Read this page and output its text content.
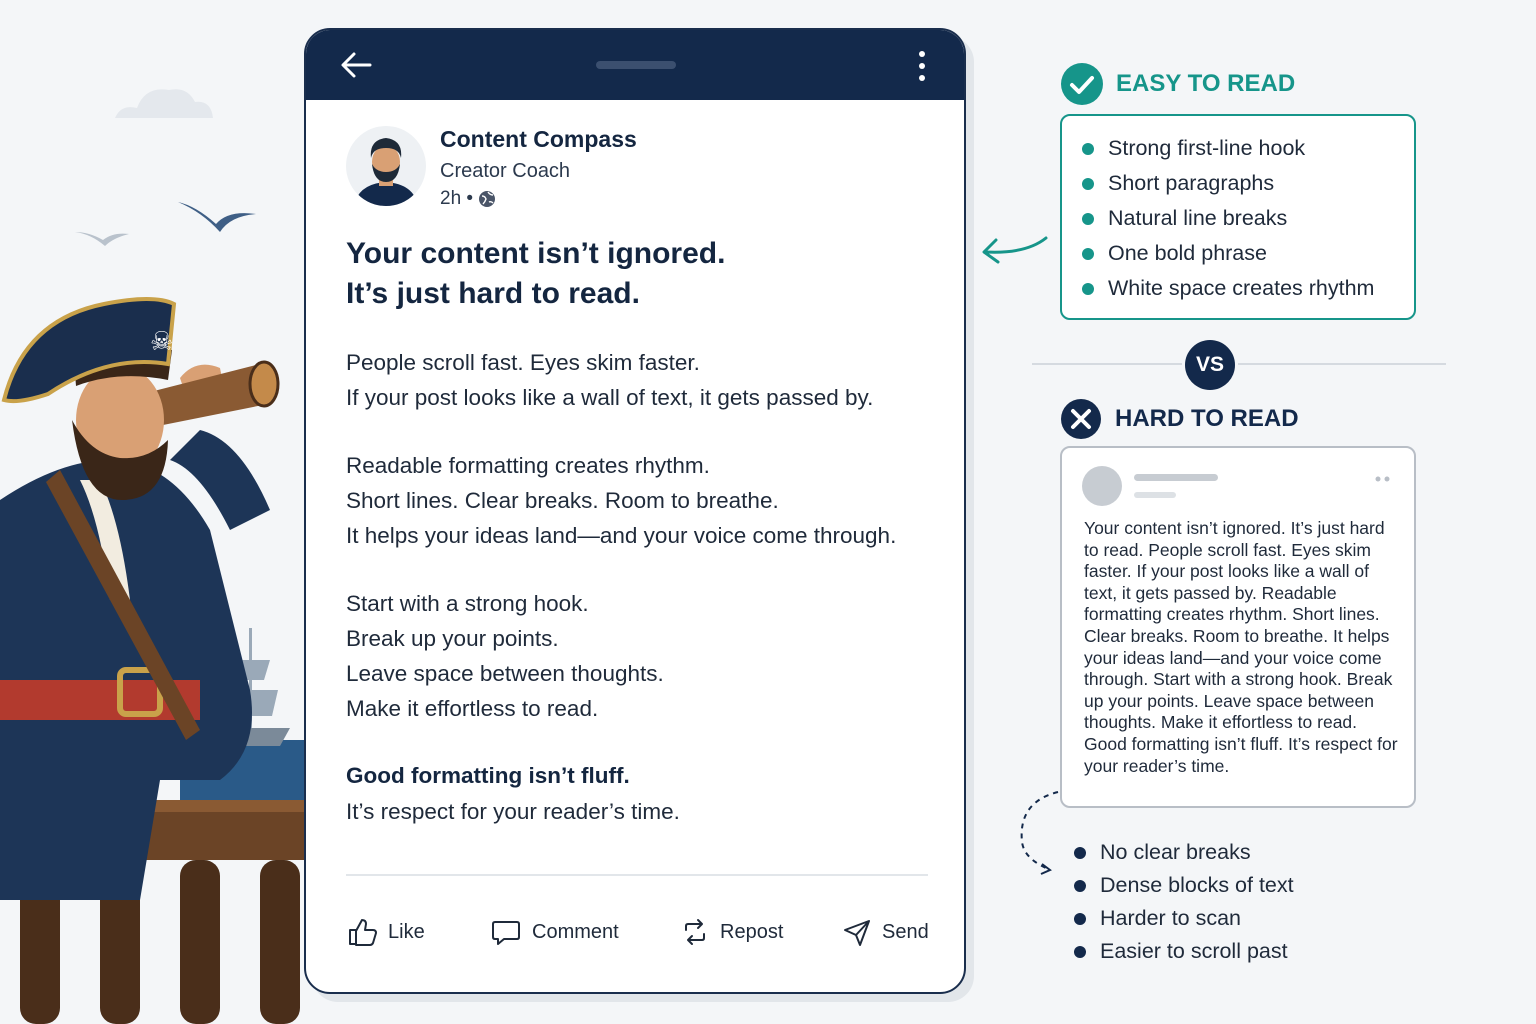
☠
Content Compass
Creator Coach
2h •
Your content isn’t ignored.
It’s just hard to read.
People scroll fast. Eyes skim faster.
If your post looks like a wall of text, it gets passed by.
Readable formatting creates rhythm.
Short lines. Clear breaks. Room to breathe.
It helps your ideas land—and your voice come through.
Start with a strong hook.
Break up your points.
Leave space between thoughts.
Make it effortless to read.
Good formatting isn’t fluff.
It’s respect for your reader’s time.
Like	Comment	Repost	Send
EASY TO READ
Strong first-line hook
Short paragraphs
Natural line breaks
One bold phrase
White space creates rhythm
VS
HARD TO READ
Your content isn’t ignored. It’s just hard to read. People scroll fast. Eyes skim faster. If your post looks like a wall of text, it gets passed by. Readable formatting creates rhythm. Short lines. Clear breaks. Room to breathe. It helps your ideas land—and your voice come through. Start with a strong hook. Break up your points. Leave space between thoughts. Make it effortless to read. Good formatting isn’t fluff. It’s respect for your reader’s time.
No clear breaks
Dense blocks of text
Harder to scan
Easier to scroll past
